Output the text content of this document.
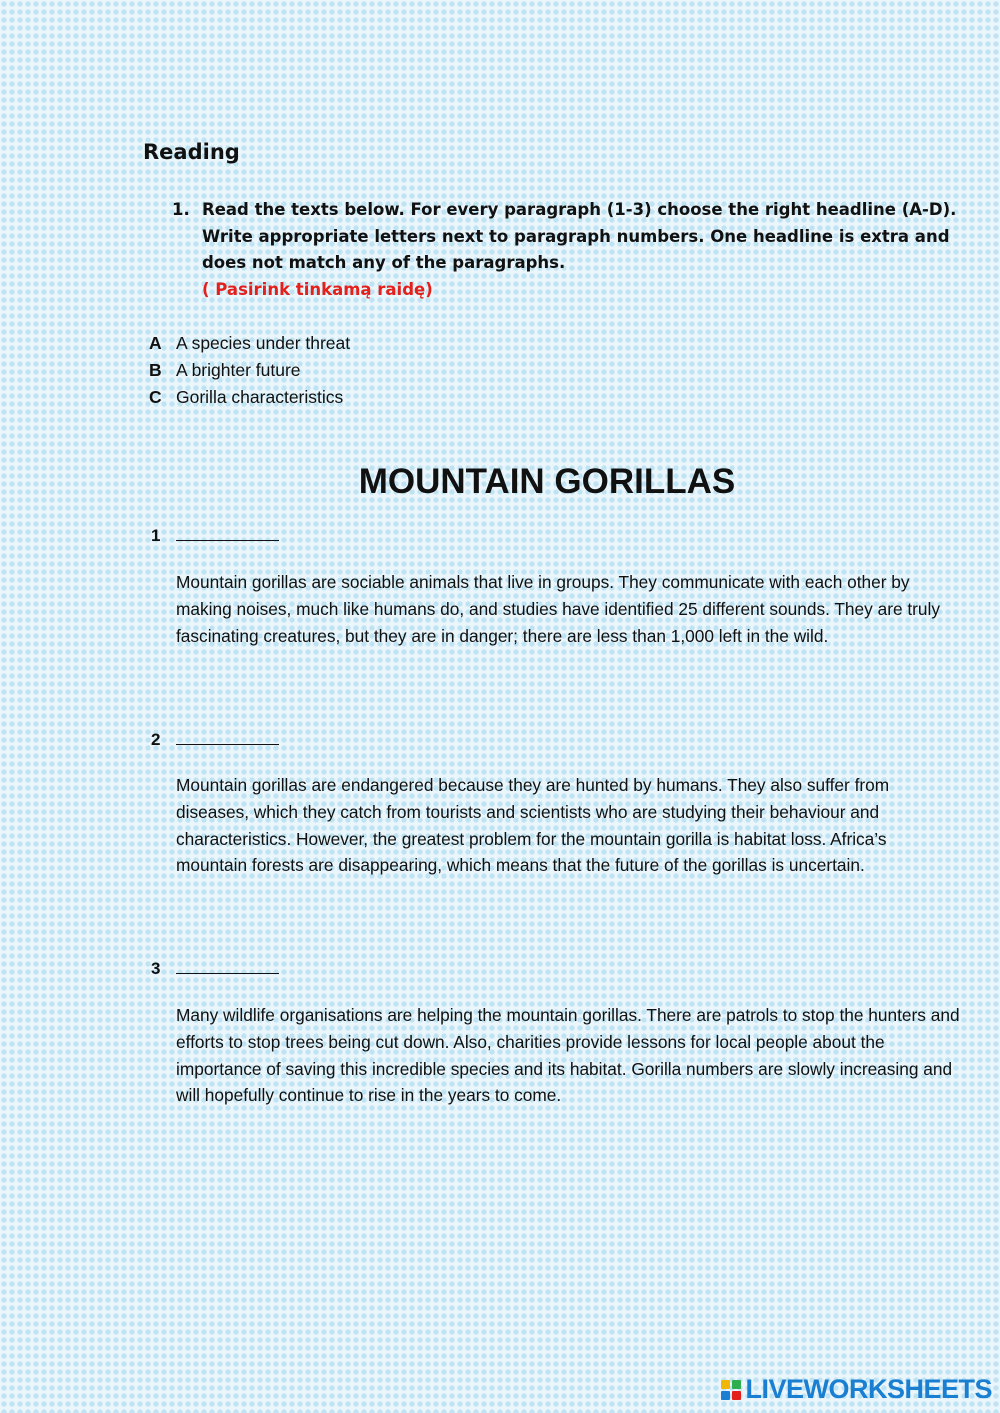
Reading
1. Read the texts below. For every paragraph (1-3) choose the right headline (A-D). Write appropriate letters next to paragraph numbers. One headline is extra and does not match any of the paragraphs.
( Pasirink tinkamą raidę)
A A species under threat
B A brighter future
C Gorilla characteristics
MOUNTAIN GORILLAS
1
Mountain gorillas are sociable animals that live in groups. They communicate with each other by making noises, much like humans do, and studies have identified 25 different sounds. They are truly fascinating creatures, but they are in danger; there are less than 1,000 left in the wild.
2
Mountain gorillas are endangered because they are hunted by humans. They also suffer from diseases, which they catch from tourists and scientists who are studying their behaviour and characteristics. However, the greatest problem for the mountain gorilla is habitat loss. Africa’s mountain forests are disappearing, which means that the future of the gorillas is uncertain.
3
Many wildlife organisations are helping the mountain gorillas. There are patrols to stop the hunters and efforts to stop trees being cut down. Also, charities provide lessons for local people about the importance of saving this incredible species and its habitat. Gorilla numbers are slowly increasing and will hopefully continue to rise in the years to come.
LIVEWORKSHEETS
